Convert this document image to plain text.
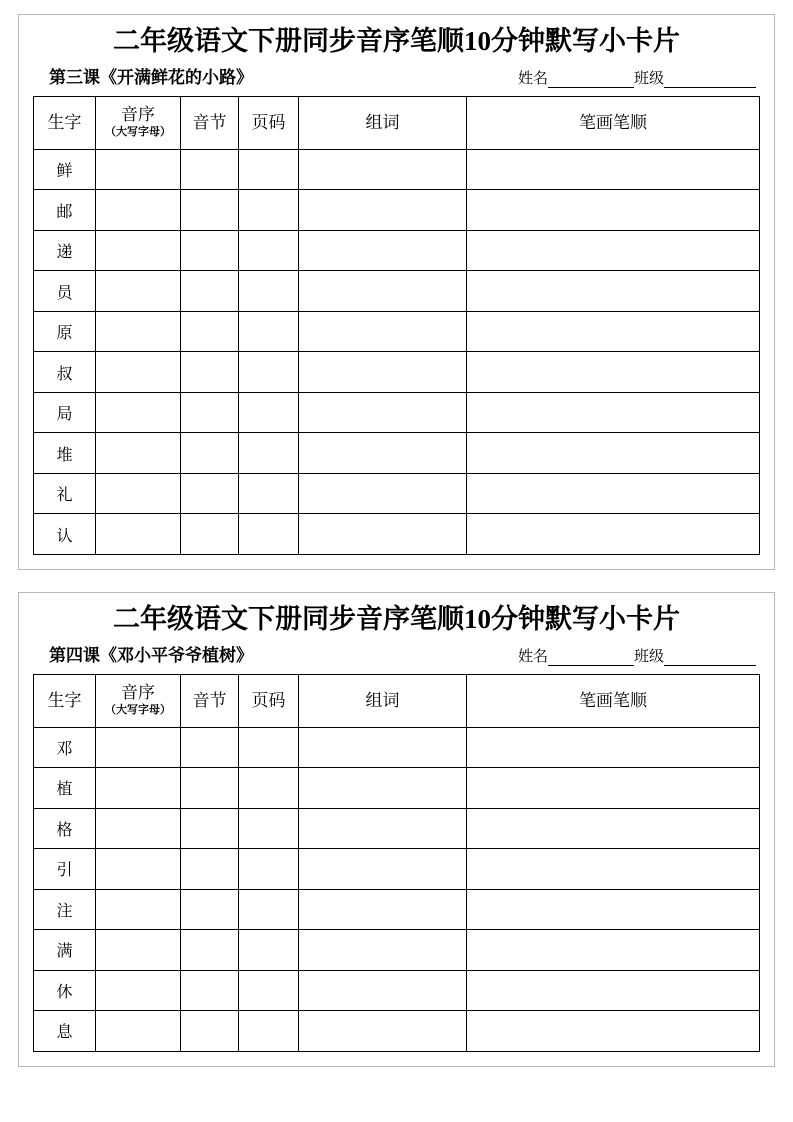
二年级语文下册同步音序笔顺10分钟默写小卡片
第三课《开满鲜花的小路》	姓名	班级
生字	音序
（大写字母）	音节	页码	组词	笔画笔顺

鲜					
邮					
递					
员					
原					
叔					
局					
堆					
礼					
认					
二年级语文下册同步音序笔顺10分钟默写小卡片
第四课《邓小平爷爷植树》	姓名	班级
生字	音序
（大写字母）	音节	页码	组词	笔画笔顺

邓					
植					
格					
引					
注					
满					
休					
息					
